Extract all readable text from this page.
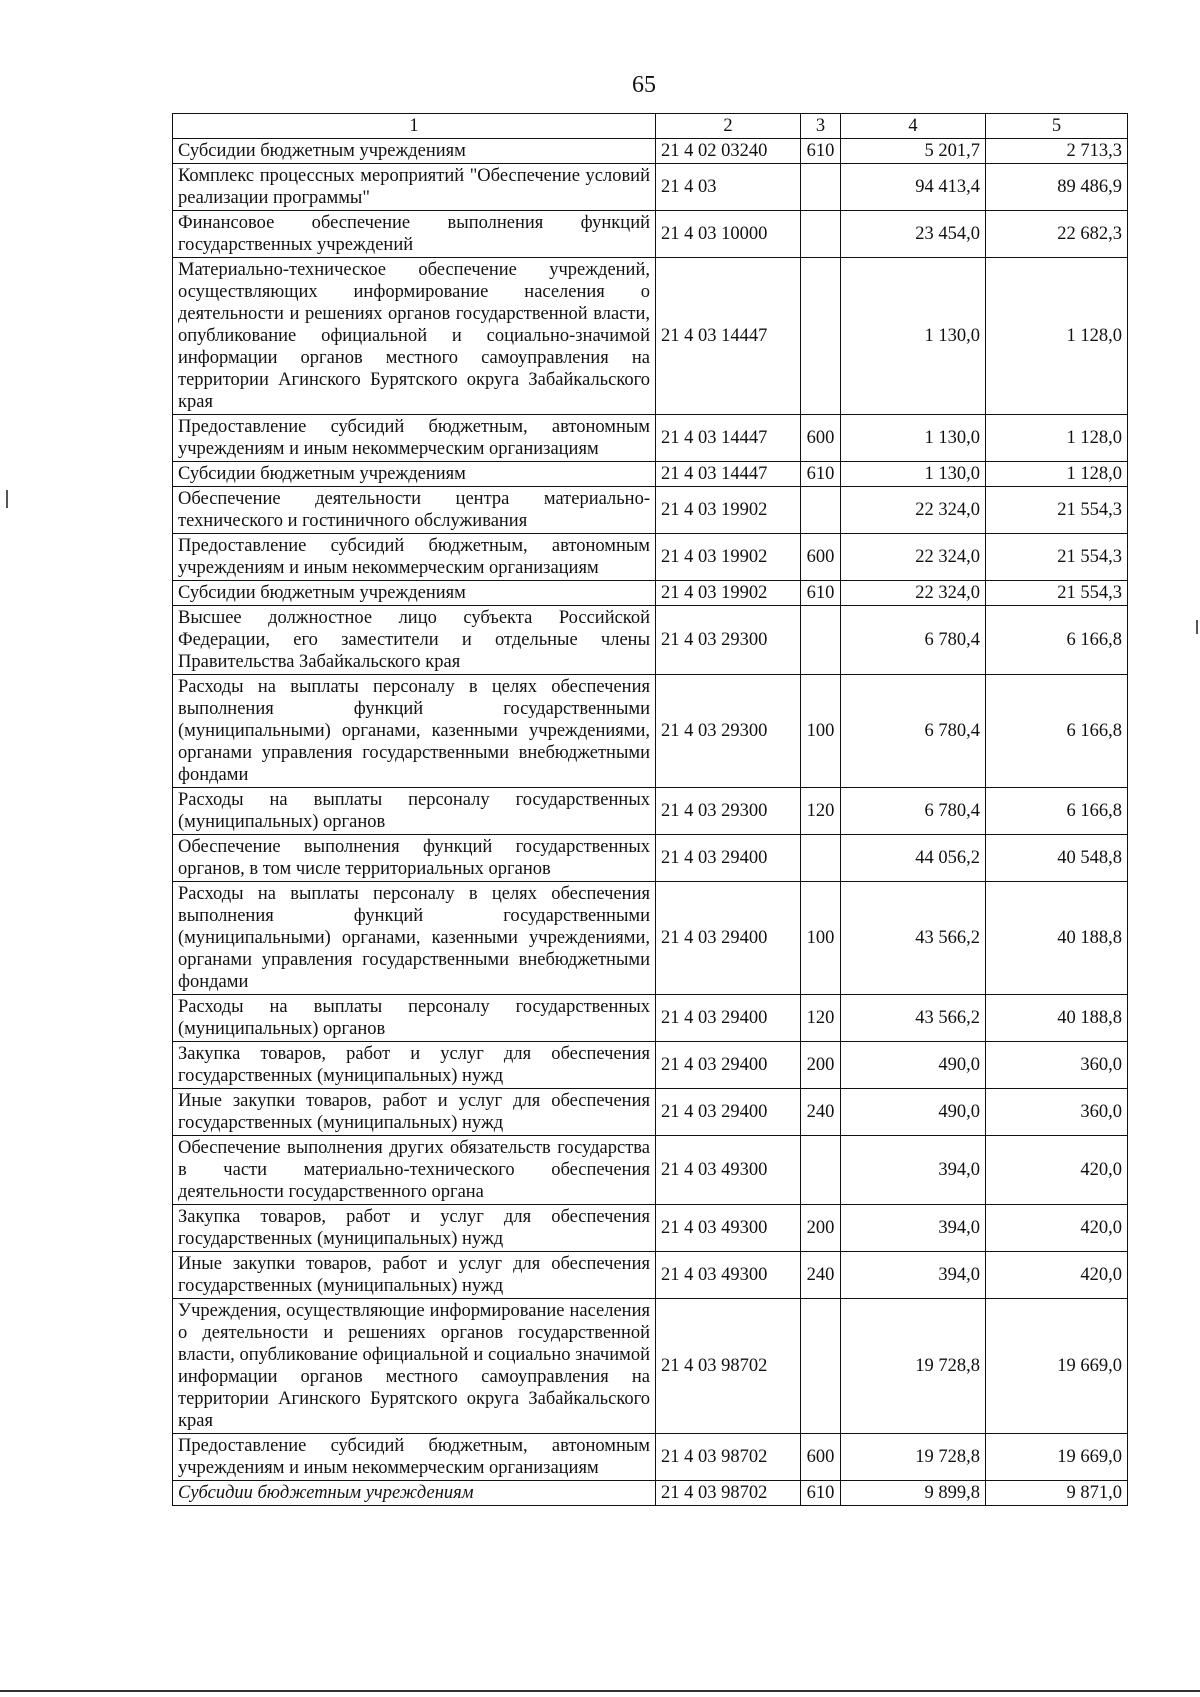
65
1	2	3	4	5
Субсидии бюджетным учреждениям	21 4 02 03240	610	5 201,7	2 713,3
Комплекс процессных мероприятий "Обеспечение условий реализации программы"	21 4 03		94 413,4	89 486,9
Финансовое обеспечение выполнения функций государственных учреждений	21 4 03 10000		23 454,0	22 682,3
Материально-техническое обеспечение учреждений, осуществляющих информирование населения о деятельности и решениях органов государственной власти, опубликование официальной и социально-значимой информации органов местного самоуправления на территории Агинского Бурятского округа Забайкальского края	21 4 03 14447		1 130,0	1 128,0
Предоставление субсидий бюджетным, автономным учреждениям и иным некоммерческим организациям	21 4 03 14447	600	1 130,0	1 128,0
Субсидии бюджетным учреждениям	21 4 03 14447	610	1 130,0	1 128,0
Обеспечение деятельности центра материально-технического и гостиничного обслуживания	21 4 03 19902		22 324,0	21 554,3
Предоставление субсидий бюджетным, автономным учреждениям и иным некоммерческим организациям	21 4 03 19902	600	22 324,0	21 554,3
Субсидии бюджетным учреждениям	21 4 03 19902	610	22 324,0	21 554,3
Высшее должностное лицо субъекта Российской Федерации, его заместители и отдельные члены Правительства Забайкальского края	21 4 03 29300		6 780,4	6 166,8
Расходы на выплаты персоналу в целях обеспечения выполнения функций государственными (муниципальными) органами, казенными учреждениями, органами управления государственными внебюджетными фондами	21 4 03 29300	100	6 780,4	6 166,8
Расходы на выплаты персоналу государственных (муниципальных) органов	21 4 03 29300	120	6 780,4	6 166,8
Обеспечение выполнения функций государственных органов, в том числе территориальных органов	21 4 03 29400		44 056,2	40 548,8
Расходы на выплаты персоналу в целях обеспечения выполнения функций государственными (муниципальными) органами, казенными учреждениями, органами управления государственными внебюджетными фондами	21 4 03 29400	100	43 566,2	40 188,8
Расходы на выплаты персоналу государственных (муниципальных) органов	21 4 03 29400	120	43 566,2	40 188,8
Закупка товаров, работ и услуг для обеспечения государственных (муниципальных) нужд	21 4 03 29400	200	490,0	360,0
Иные закупки товаров, работ и услуг для обеспечения государственных (муниципальных) нужд	21 4 03 29400	240	490,0	360,0
Обеспечение выполнения других обязательств государства в части материально-технического обеспечения деятельности государственного органа	21 4 03 49300		394,0	420,0
Закупка товаров, работ и услуг для обеспечения государственных (муниципальных) нужд	21 4 03 49300	200	394,0	420,0
Иные закупки товаров, работ и услуг для обеспечения государственных (муниципальных) нужд	21 4 03 49300	240	394,0	420,0
Учреждения, осуществляющие информирование населения о деятельности и решениях органов государственной власти, опубликование официальной и социально значимой информации органов местного самоуправления на территории Агинского Бурятского округа Забайкальского края	21 4 03 98702		19 728,8	19 669,0
Предоставление субсидий бюджетным, автономным учреждениям и иным некоммерческим организациям	21 4 03 98702	600	19 728,8	19 669,0
Субсидии бюджетным учреждениям	21 4 03 98702	610	9 899,8	9 871,0
